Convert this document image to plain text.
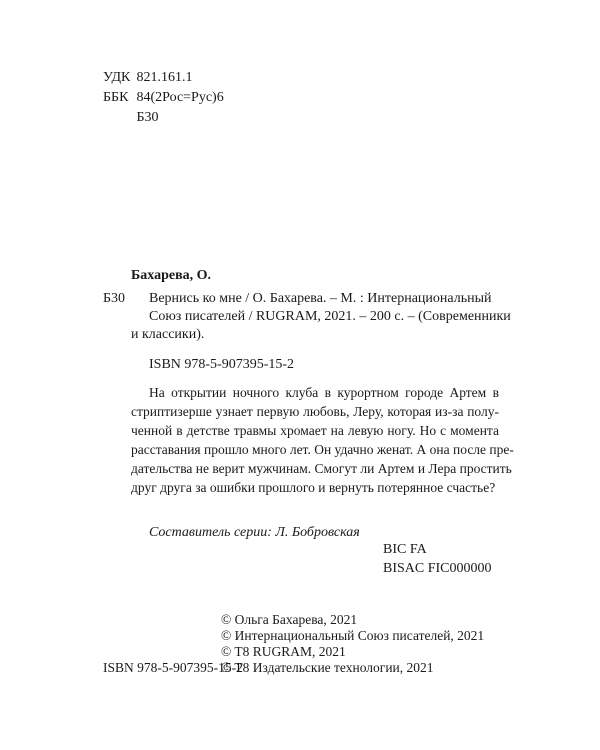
УДК 821.161.1
ББК 84(2Рос=Рус)6
Б30
Бахарева, О.
Б30 Вернись ко мне / О. Бахарева. – М. : Интернациональный
Союз писателей / RUGRAM, 2021. – 200 с. – (Современники
и классики).
ISBN 978-5-907395-15-2
На открытии ночного клуба в курортном городе Артем в
стриптизерше узнает первую любовь, Леру, которая из-за полу-
ченной в детстве травмы хромает на левую ногу. Но с момента
расставания прошло много лет. Он удачно женат. А она после пре-
дательства не верит мужчинам. Смогут ли Артем и Лера простить
друг друга за ошибки прошлого и вернуть потерянное счастье?
Составитель серии: Л. Бобровская
BIC FA
BISAC FIC000000
© Ольга Бахарева, 2021
© Интернациональный Союз писателей, 2021
© T8 RUGRAM, 2021
© T8 Издательские технологии, 2021
ISBN 978-5-907395-15-2
